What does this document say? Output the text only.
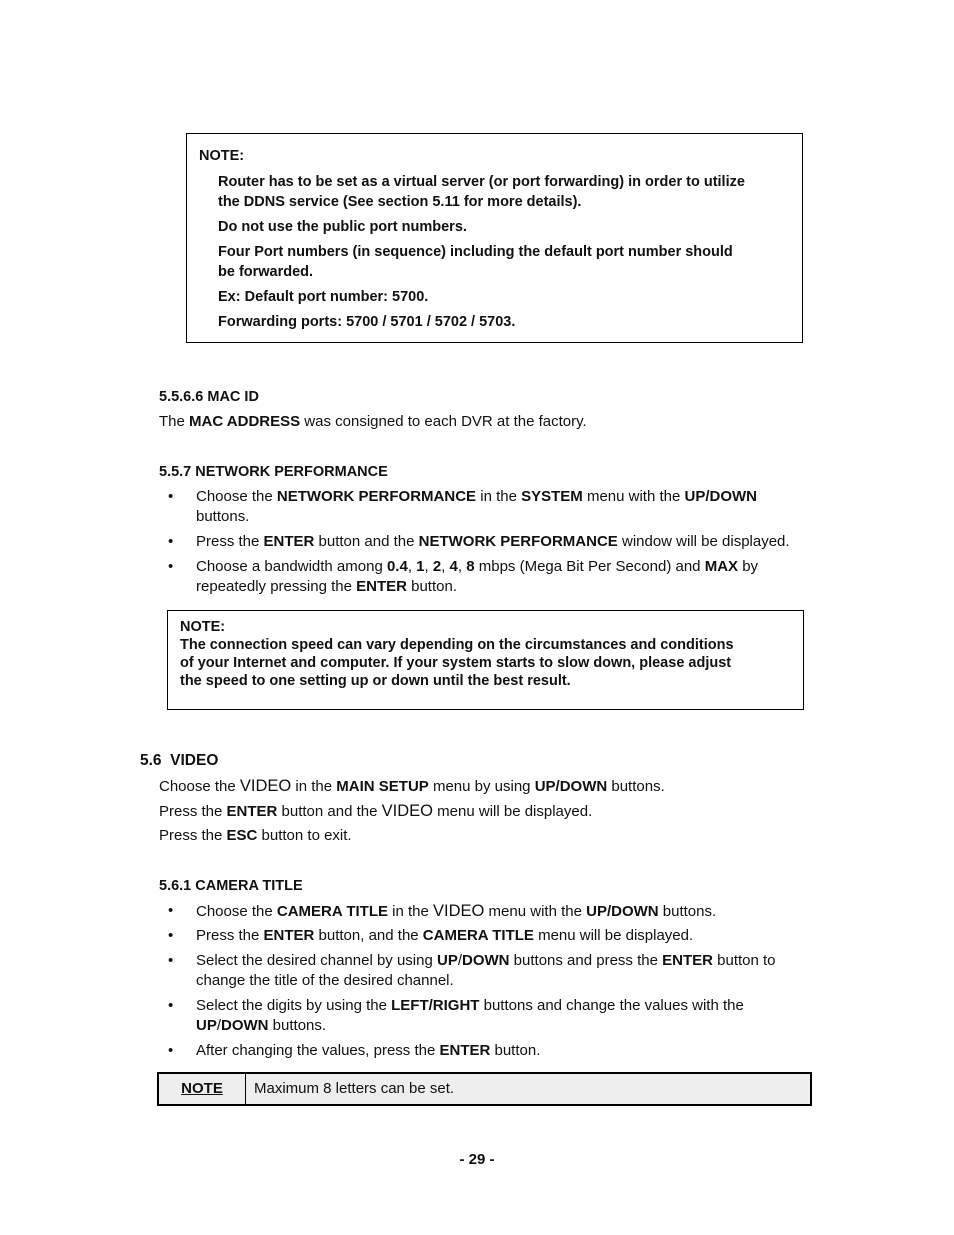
NOTE:
Router has to be set as a virtual server (or port forwarding) in order to utilize
the DDNS service (See section 5.11 for more details).
Do not use the public port numbers.
Four Port numbers (in sequence) including the default port number should
be forwarded.
Ex: Default port number: 5700.
Forwarding ports: 5700 / 5701 / 5702 / 5703.
5.5.6.6 MAC ID
The MAC ADDRESS was consigned to each DVR at the factory.
5.5.7 NETWORK PERFORMANCE
•	Choose the NETWORK PERFORMANCE in the SYSTEM menu with the UP/DOWN
buttons.
•	Press the ENTER button and the NETWORK PERFORMANCE window will be displayed.
•	Choose a bandwidth among 0.4, 1, 2, 4, 8 mbps (Mega Bit Per Second) and MAX by
repeatedly pressing the ENTER button.
NOTE:
The connection speed can vary depending on the circumstances and conditions
of your Internet and computer. If your system starts to slow down, please adjust
the speed to one setting up or down until the best result.
5.6  VIDEO
Choose the VIDEO in the MAIN SETUP menu by using UP/DOWN buttons.
Press the ENTER button and the VIDEO menu will be displayed.
Press the ESC button to exit.
5.6.1 CAMERA TITLE
•	Choose the CAMERA TITLE in the VIDEO menu with the UP/DOWN buttons.
•	Press the ENTER button, and the CAMERA TITLE menu will be displayed.
•	Select the desired channel by using UP/DOWN buttons and press the ENTER button to
change the title of the desired channel.
•	Select the digits by using the LEFT/RIGHT buttons and change the values with the
UP/DOWN buttons.
•	After changing the values, press the ENTER button.
NOTE	Maximum 8 letters can be set.
- 29 -
